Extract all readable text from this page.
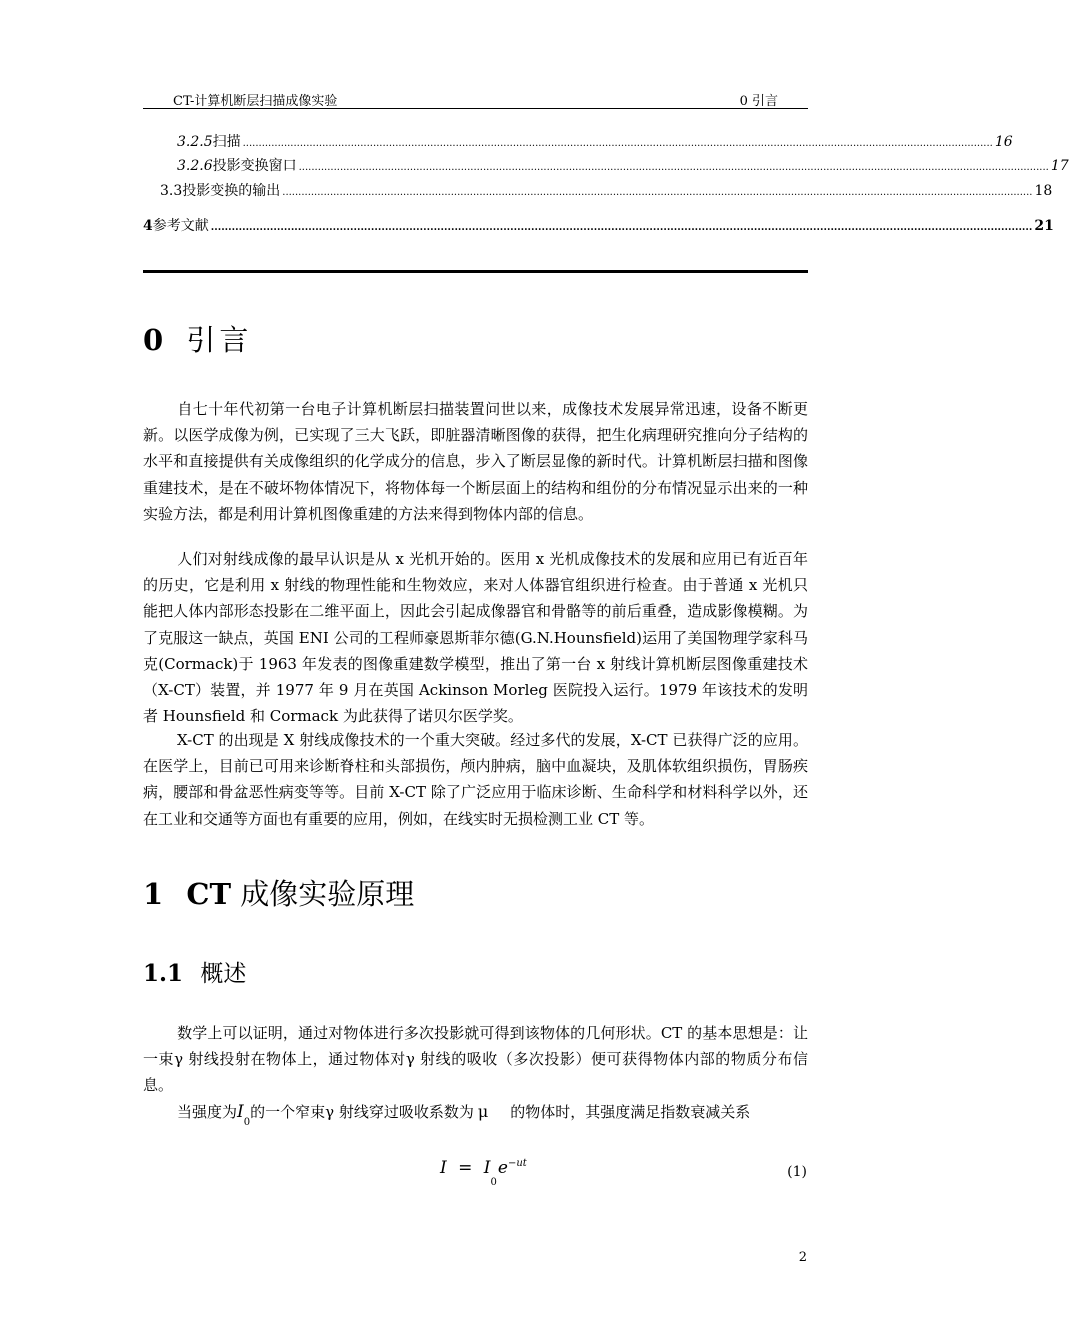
CT-计算机断层扫描成像实验	0 引言
3.2.5 扫描 ............................................................................................................................................................................................................................................ 16
3.2.6 投影变换窗口 ............................................................................................................................................................................................................................................ 17
3.3 投影变换的输出 ............................................................................................................................................................................................................................................ 18
4 参考文献 ............................................................................................................................................................................................................................................ 21
0 引言

自七十年代初第一台电子计算机断层扫描装置问世以来，成像技术发展异常迅速，设备不断更新。以医学成像为例，已实现了三大飞跃，即脏器清晰图像的获得，把生化病理研究推向分子结构的水平和直接提供有关成像组织的化学成分的信息，步入了断层显像的新时代。计算机断层扫描和图像重建技术，是在不破坏物体情况下，将物体每一个断层面上的结构和组份的分布情况显示出来的一种实验方法，都是利用计算机图像重建的方法来得到物体内部的信息。

人们对射线成像的最早认识是从 x 光机开始的。医用 x 光机成像技术的发展和应用已有近百年的历史，它是利用 x 射线的物理性能和生物效应，来对人体器官组织进行检查。由于普通 x 光机只能把人体内部形态投影在二维平面上，因此会引起成像器官和骨骼等的前后重叠，造成影像模糊。为了克服这一缺点，英国 ENI 公司的工程师豪恩斯菲尔德(G.N.Hounsfield)运用了美国物理学家科马克(Cormack)于 1963 年发表的图像重建数学模型，推出了第一台 x 射线计算机断层图像重建技术（X-CT）装置，并 1977 年 9 月在英国 Ackinson Morleg 医院投入运行。1979 年该技术的发明者 Hounsfield 和 Cormack 为此获得了诺贝尔医学奖。

X-CT 的出现是 X 射线成像技术的一个重大突破。经过多代的发展，X-CT 已获得广泛的应用。在医学上，目前已可用来诊断脊柱和头部损伤，颅内肿病，脑中血凝块，及肌体软组织损伤，胃肠疾病，腰部和骨盆恶性病变等等。目前 X-CT 除了广泛应用于临床诊断、生命科学和材料科学以外，还在工业和交通等方面也有重要的应用，例如，在线实时无损检测工业 CT 等。

1 CT 成像实验原理
1.1 概述

数学上可以证明，通过对物体进行多次投影就可得到该物体的几何形状。CT 的基本思想是：让一束γ 射线投射在物体上，通过物体对γ 射线的吸收（多次投影）便可获得物体内部的物质分布信息。

当强度为$I_0$的一个窄束γ 射线穿过吸收系数为 μ 的物体时，其强度满足指数衰减关系

$I = I_0e^{-ut}$
(1)
2
